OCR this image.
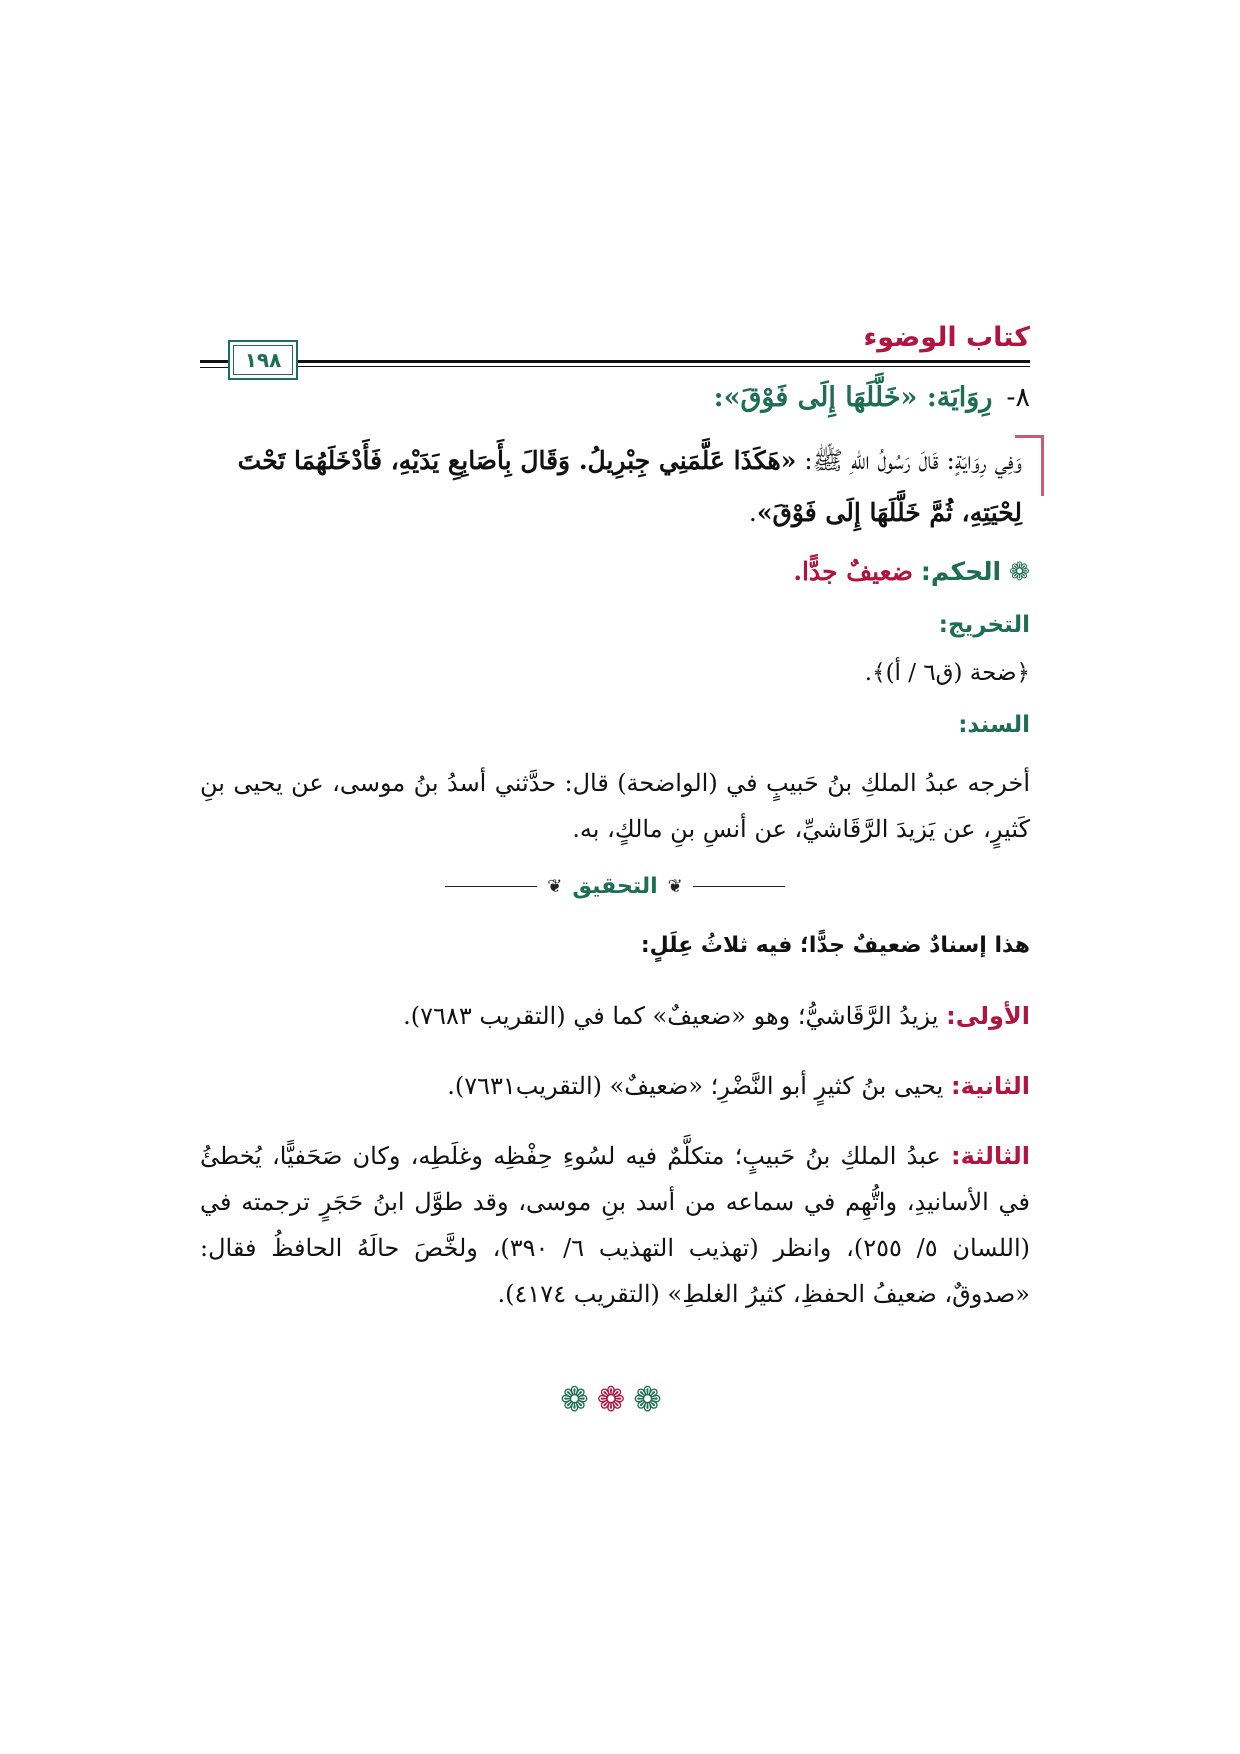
كتاب الوضوء
١٩٨
٨-رِوَايَة: «خَلَّلَهَا إِلَى فَوْقَ»:
وَفِي رِوَايَةٍ: قَالَ رَسُولُ اللهِ ﷺ: «هَكَذَا عَلَّمَنِي جِبْرِيلُ. وَقَالَ بِأَصَابِعِ يَدَيْهِ، فَأَدْخَلَهُمَا تَحْتَ لِحْيَتِهِ، ثُمَّ خَلَّلَهَا إِلَى فَوْقَ».
❁الحكم: ضعيفٌ جدًّا.
التخريج:
﴿ضحة (ق٦ / أ)﴾.
السند:
أخرجه عبدُ الملكِ بنُ حَبيبٍ في (الواضحة) قال: حدَّثني أسدُ بنُ موسى، عن يحيى بنِ كَثيرٍ، عن يَزيدَ الرَّقَاشيِّ، عن أنسِ بنِ مالكٍ، به.
❦
التحقيق
❦
هذا إسنادٌ ضعيفٌ جدًّا؛ فيه ثلاثُ عِلَلٍ:
الأولى: يزيدُ الرَّقَاشيُّ؛ وهو «ضعيفٌ» كما في (التقريب ٧٦٨٣).
الثانية: يحيى بنُ كثيرٍ أبو النَّضْرِ؛ «ضعيفٌ» (التقريب٧٦٣١).
الثالثة: عبدُ الملكِ بنُ حَبيبٍ؛ متكلَّمٌ فيه لسُوءِ حِفْظِه وغلَطِه، وكان صَحَفيًّا، يُخطئُ في الأسانيدِ، واتُّهِم في سماعه من أسد بنِ موسى، وقد طوَّل ابنُ حَجَرٍ ترجمته في (اللسان ٥/ ٢٥٥)، وانظر (تهذيب التهذيب ٦/ ٣٩٠)، ولخَّصَ حالَهُ الحافظُ فقال: «صدوقٌ، ضعيفُ الحفظِ، كثيرُ الغلطِ» (التقريب ٤١٧٤).
❁❁❁
